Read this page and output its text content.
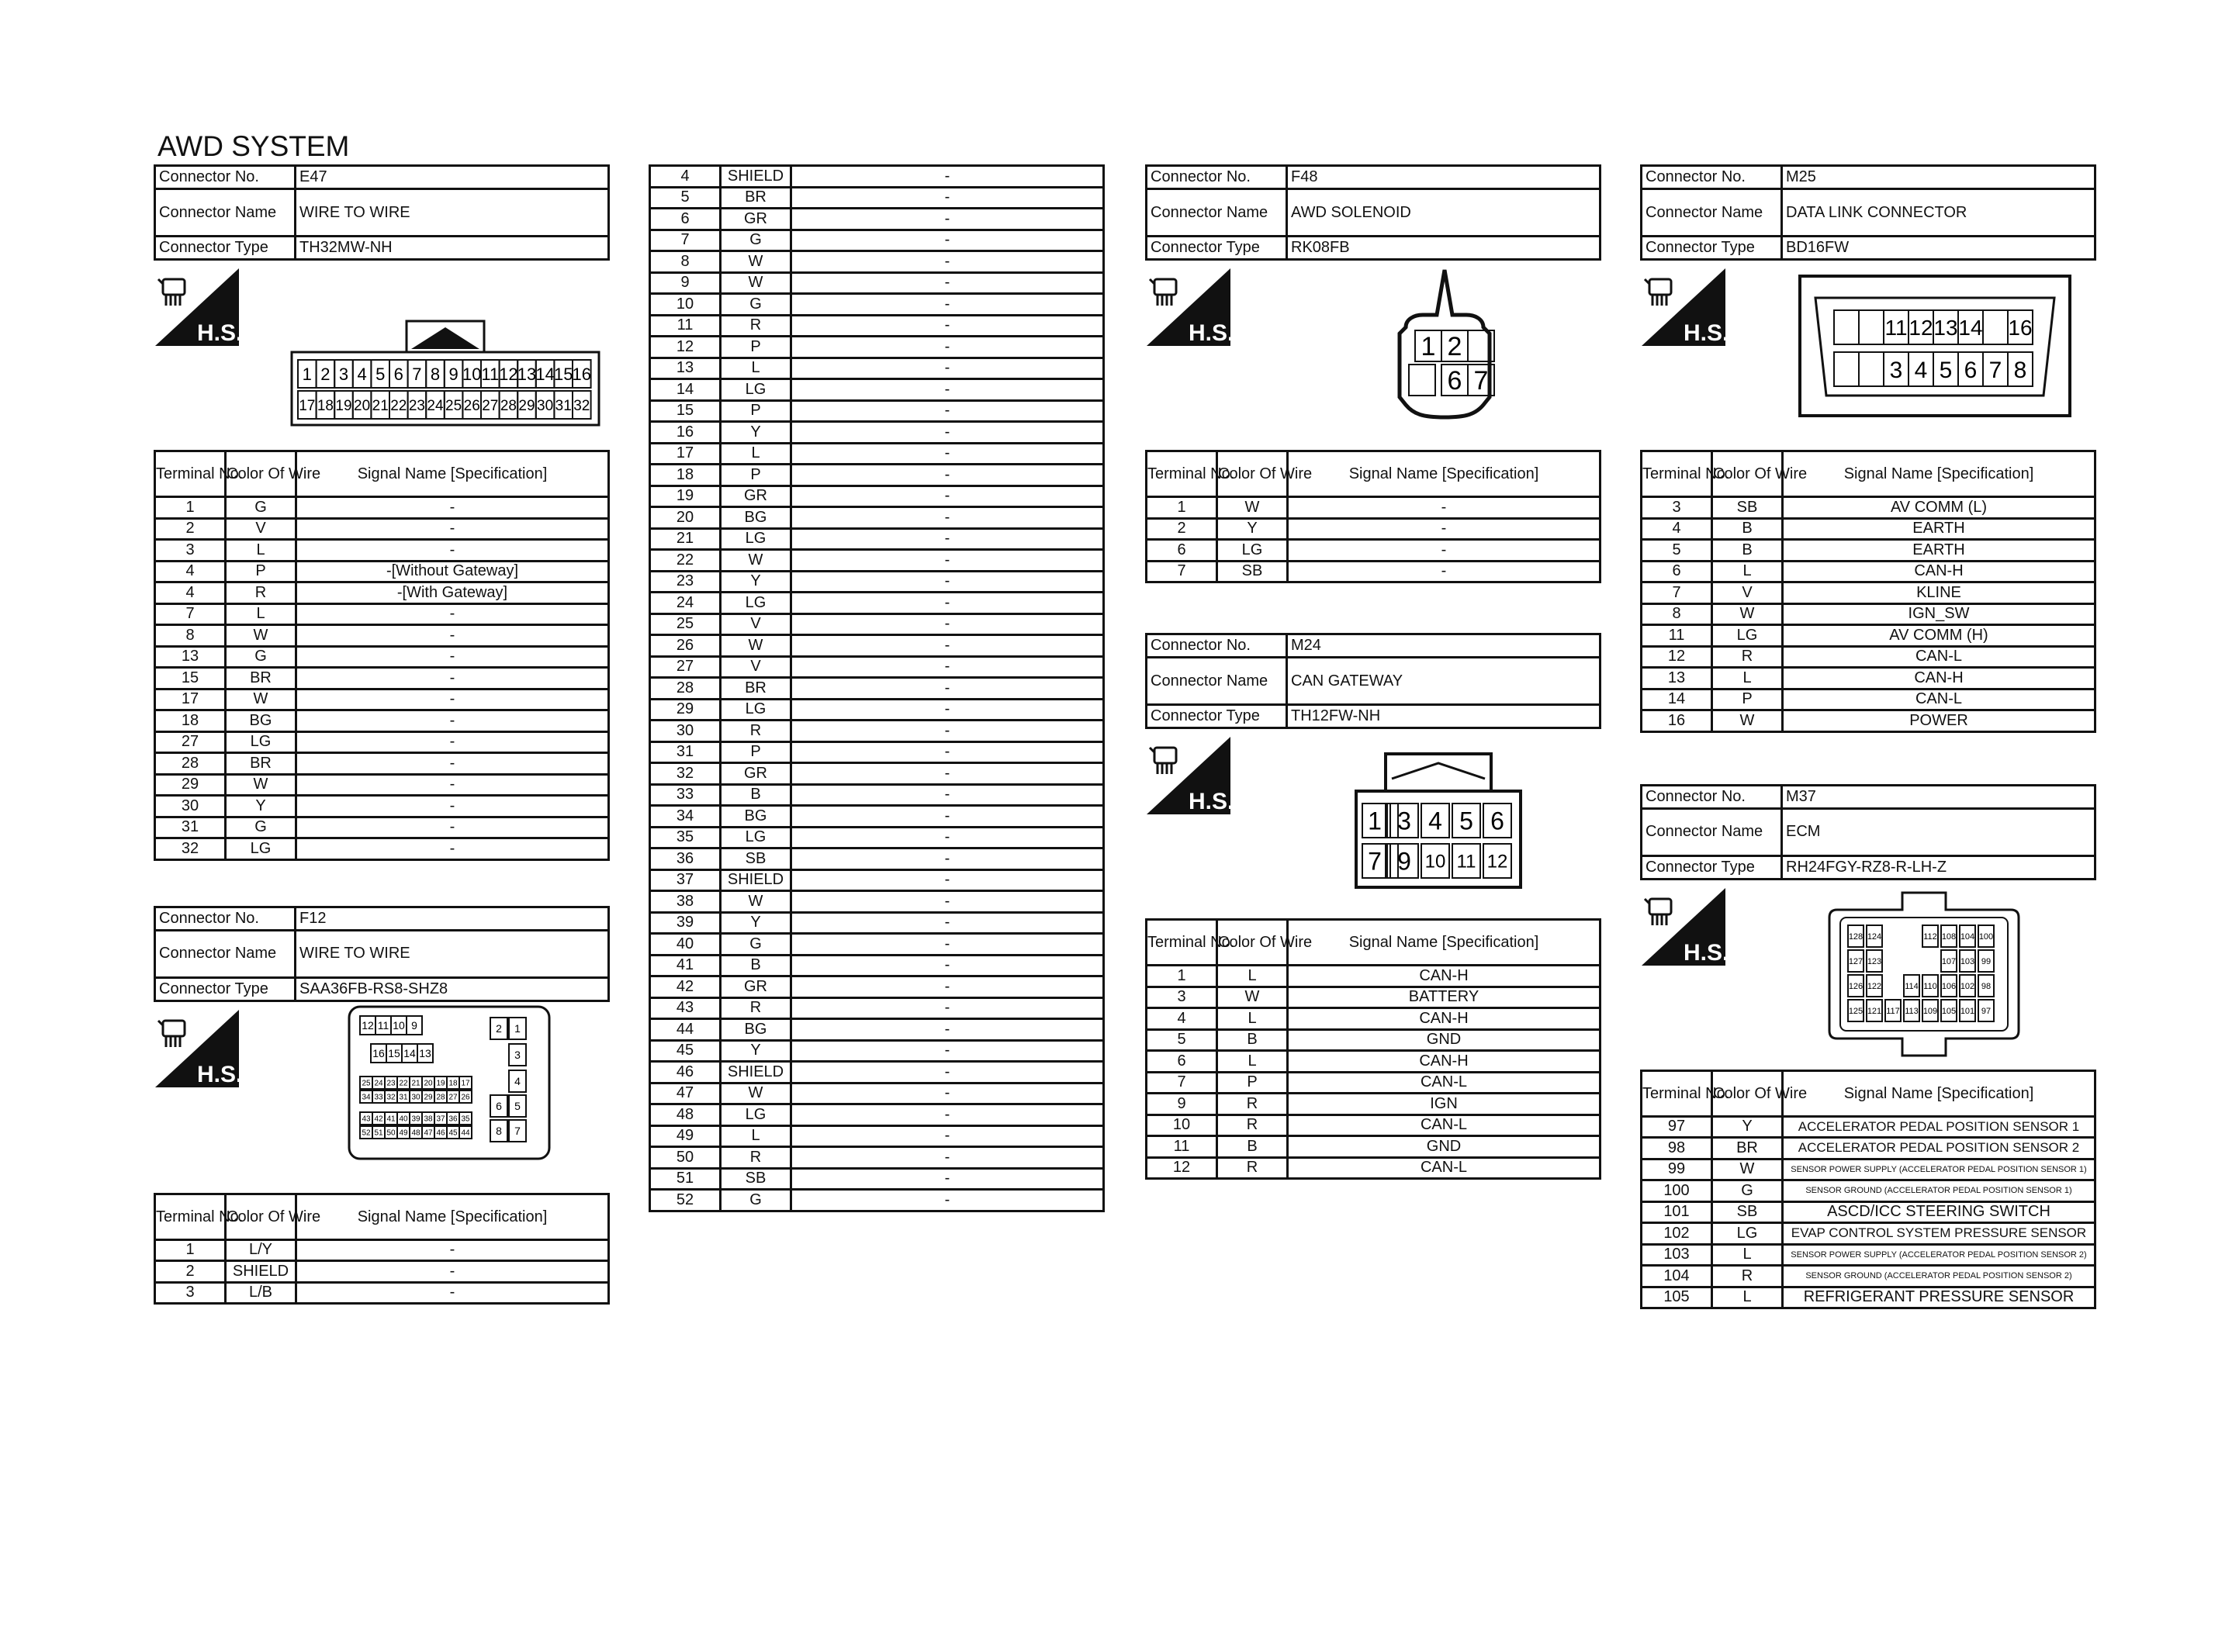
AWD SYSTEM
Connector No.	E47
Connector Name	WIRE TO WIRE
Connector Type	TH32MW-NH
H.S.
1 2 3 4 5 6 7 8 9 10 11 12 13 14 15 16
17 18 19 20 21 22 23 24 25 26 27 28 29 30 31 32
Terminal No.	Color Of Wire	Signal Name [Specification]
1	G	-
2	V	-
3	L	-
4	P	-[Without Gateway]
4	R	-[With Gateway]
7	L	-
8	W	-
13	G	-
15	BR	-
17	W	-
18	BG	-
27	LG	-
28	BR	-
29	W	-
30	Y	-
31	G	-
32	LG	-
Connector No.	F12
Connector Name	WIRE TO WIRE
Connector Type	SAA36FB-RS8-SHZ8
H.S.
12 11 10 9
16 15 14 13
25 24 23 22 21 20 19 18 17
34 33 32 31 30 29 28 27 26
43 42 41 40 39 38 37 36 35
52 51 50 49 48 47 46 45 44
2 1
3
4
6 5
8 7
Terminal No.	Color Of Wire	Signal Name [Specification]
1	L/Y	-
2	SHIELD	-
3	L/B	-
4	SHIELD	-
5	BR	-
6	GR	-
7	G	-
8	W	-
9	W	-
10	G	-
11	R	-
12	P	-
13	L	-
14	LG	-
15	P	-
16	Y	-
17	L	-
18	P	-
19	GR	-
20	BG	-
21	LG	-
22	W	-
23	Y	-
24	LG	-
25	V	-
26	W	-
27	V	-
28	BR	-
29	LG	-
30	R	-
31	P	-
32	GR	-
33	B	-
34	BG	-
35	LG	-
36	SB	-
37	SHIELD	-
38	W	-
39	Y	-
40	G	-
41	B	-
42	GR	-
43	R	-
44	BG	-
45	Y	-
46	SHIELD	-
47	W	-
48	LG	-
49	L	-
50	R	-
51	SB	-
52	G	-
Connector No.	F48
Connector Name	AWD SOLENOID
Connector Type	RK08FB
H.S.	1 2
6 7
Terminal No.	Color Of Wire	Signal Name [Specification]
1	W	-
2	Y	-
6	LG	-
7	SB	-
Connector No.	M24
Connector Name	CAN GATEWAY
Connector Type	TH12FW-NH
H.S.
1 3 4 5 6
7 9 10 11 12
Terminal No.	Color Of Wire	Signal Name [Specification]
1	L	CAN-H
3	W	BATTERY
4	L	CAN-H
5	B	GND
6	L	CAN-H
7	P	CAN-L
9	R	IGN
10	R	CAN-L
11	B	GND
12	R	CAN-L
Connector No.	M25
Connector Name	DATA LINK CONNECTOR
Connector Type	BD16FW
H.S.	11 12 13 14 16
3 4 5 6 7 8
Terminal No.	Color Of Wire	Signal Name [Specification]
3	SB	AV COMM (L)
4	B	EARTH
5	B	EARTH
6	L	CAN-H
7	V	KLINE
8	W	IGN_SW
11	LG	AV COMM (H)
12	R	CAN-L
13	L	CAN-H
14	P	CAN-L
16	W	POWER
Connector No.	M37
Connector Name	ECM
Connector Type	RH24FGY-RZ8-R-LH-Z
H.S.
128 124	112 108 104 100
127 123	107 103 99
126 122	114 110 106 102 98
125 121 117 113 109 105 101 97
Terminal No.	Color Of Wire	Signal Name [Specification]
97	Y	ACCELERATOR PEDAL POSITION SENSOR 1
98	BR	ACCELERATOR PEDAL POSITION SENSOR 2
99	W	SENSOR POWER SUPPLY (ACCELERATOR PEDAL POSITION SENSOR 1)
100	G	SENSOR GROUND (ACCELERATOR PEDAL POSITION SENSOR 1)
101	SB	ASCD/ICC STEERING SWITCH
102	LG	EVAP CONTROL SYSTEM PRESSURE SENSOR
103	L	SENSOR POWER SUPPLY (ACCELERATOR PEDAL POSITION SENSOR 2)
104	R	SENSOR GROUND (ACCELERATOR PEDAL POSITION SENSOR 2)
105	L	REFRIGERANT PRESSURE SENSOR
